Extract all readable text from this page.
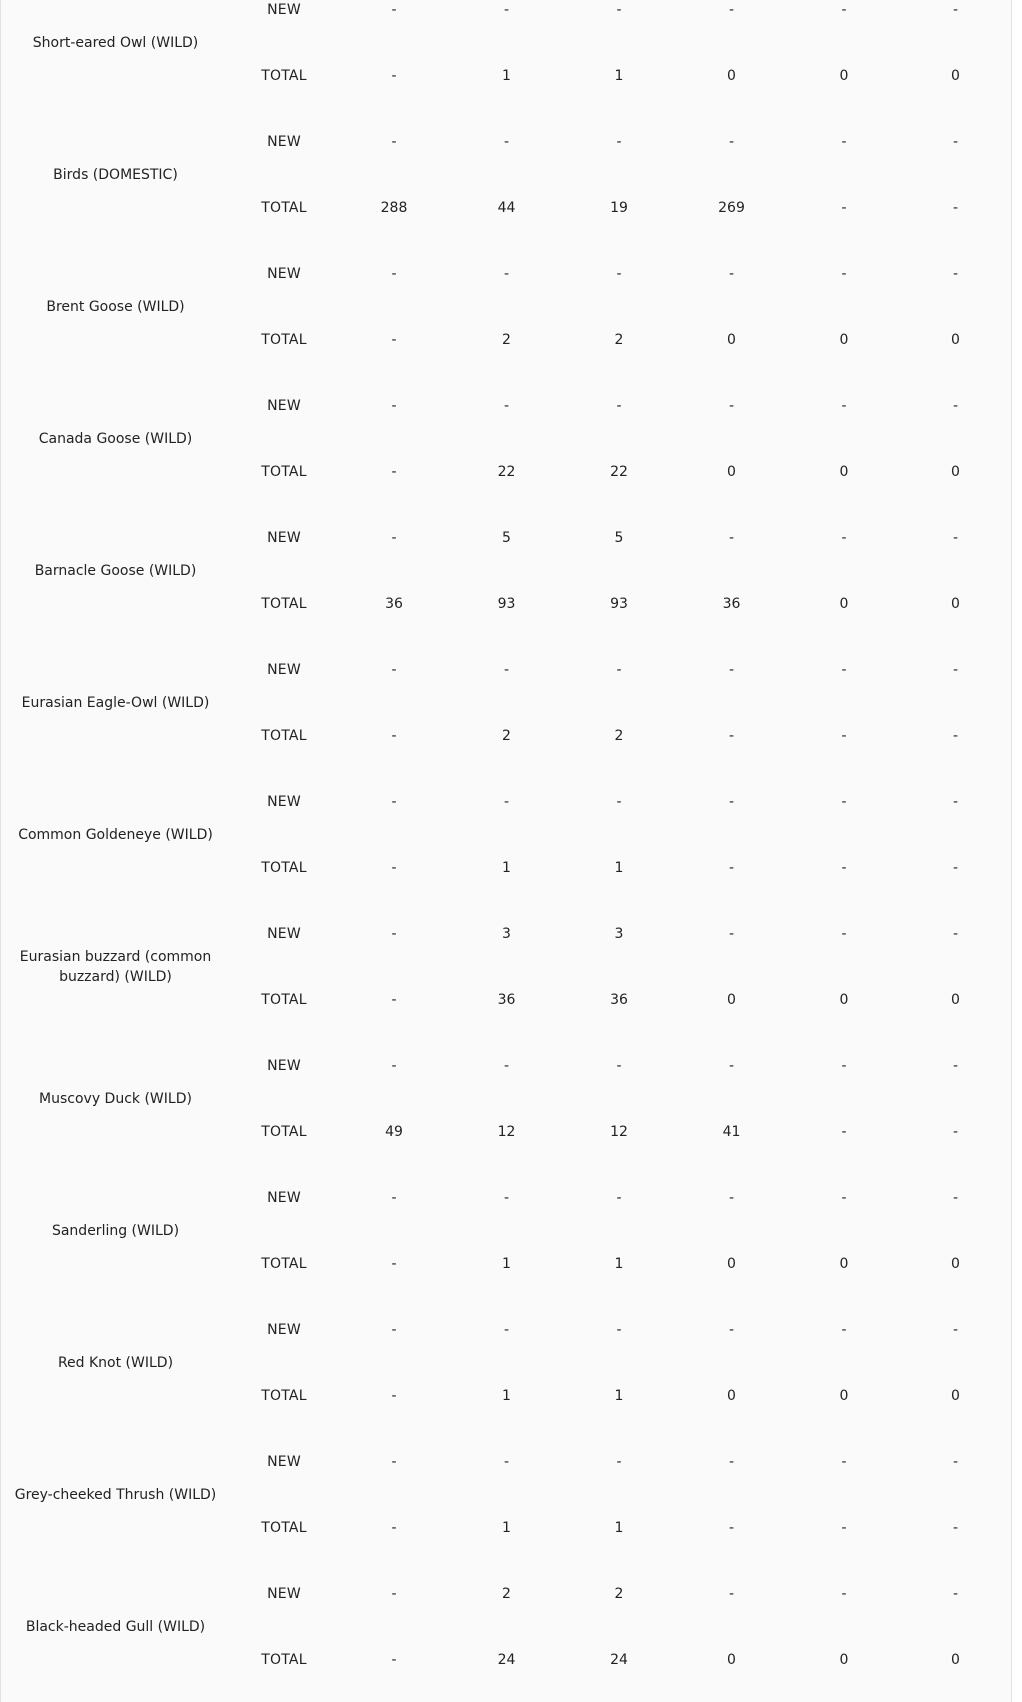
Short-eared Owl (WILD)	NEW	-	-	-	-	-	-
	TOTAL	-	1	1	0	0	0
Birds (DOMESTIC)	NEW	-	-	-	-	-	-
	TOTAL	288	44	19	269	-	-
Brent Goose (WILD)	NEW	-	-	-	-	-	-
	TOTAL	-	2	2	0	0	0
Canada Goose (WILD)	NEW	-	-	-	-	-	-
	TOTAL	-	22	22	0	0	0
Barnacle Goose (WILD)	NEW	-	5	5	-	-	-
	TOTAL	36	93	93	36	0	0
Eurasian Eagle-Owl (WILD)	NEW	-	-	-	-	-	-
	TOTAL	-	2	2	-	-	-
Common Goldeneye (WILD)	NEW	-	-	-	-	-	-
	TOTAL	-	1	1	-	-	-
Eurasian buzzard (common buzzard) (WILD)	NEW	-	3	3	-	-	-
	TOTAL	-	36	36	0	0	0
Muscovy Duck (WILD)	NEW	-	-	-	-	-	-
	TOTAL	49	12	12	41	-	-
Sanderling (WILD)	NEW	-	-	-	-	-	-
	TOTAL	-	1	1	0	0	0
Red Knot (WILD)	NEW	-	-	-	-	-	-
	TOTAL	-	1	1	0	0	0
Grey-cheeked Thrush (WILD)	NEW	-	-	-	-	-	-
	TOTAL	-	1	1	-	-	-
Black-headed Gull (WILD)	NEW	-	2	2	-	-	-
	TOTAL	-	24	24	0	0	0
